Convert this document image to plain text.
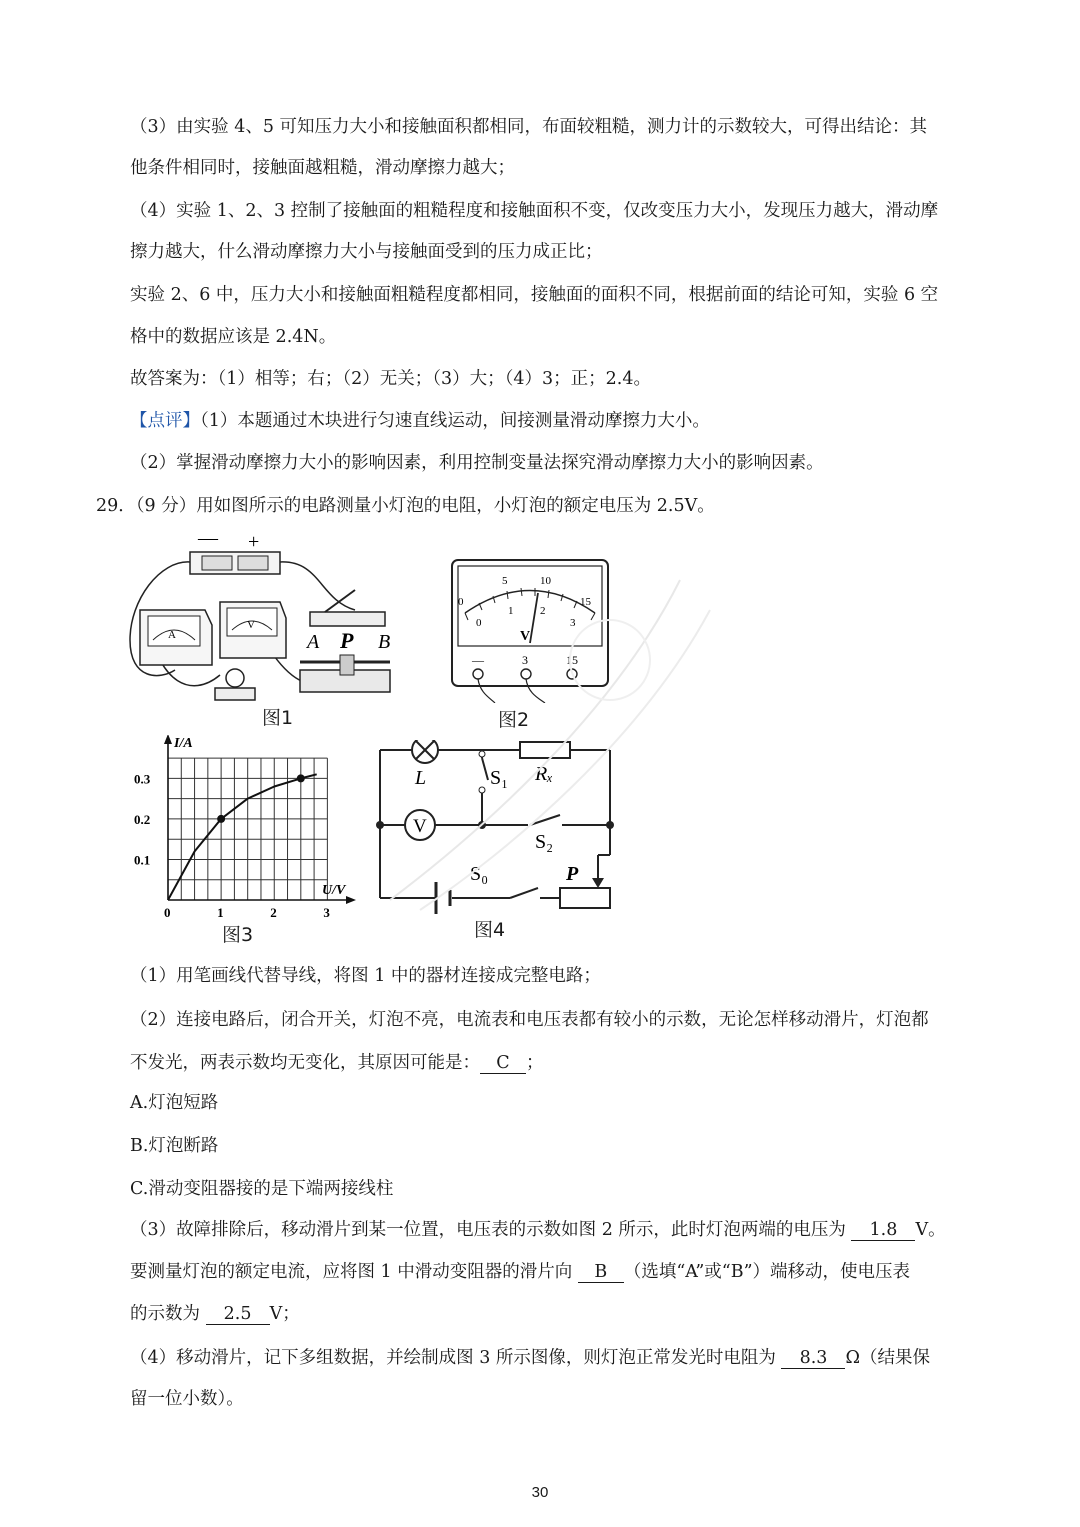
（3）由实验 4、5 可知压力大小和接触面积都相同，布面较粗糙，测力计的示数较大，可得出结论：其
他条件相同时，接触面越粗糙，滑动摩擦力越大；
（4）实验 1、2、3 控制了接触面的粗糙程度和接触面积不变，仅改变压力大小，发现压力越大，滑动摩
擦力越大，什么滑动摩擦力大小与接触面受到的压力成正比；
实验 2、6 中，压力大小和接触面粗糙程度都相同，接触面的面积不同，根据前面的结论可知，实验 6 空
格中的数据应该是 2.4N。
故答案为：（1）相等；右；（2）无关；（3）大；（4）3；正；2.4。
【点评】（1）本题通过木块进行匀速直线运动，间接测量滑动摩擦力大小。
（2）掌握滑动摩擦力大小的影响因素，利用控制变量法探究滑动摩擦力大小的影响因素。
29．（9 分）用如图所示的电路测量小灯泡的电阻，小灯泡的额定电压为 2.5V。
— +
A
V
A P B
图1
0
5	10
15
0
1 2
3
V
—	3	15
图2
0	1	2	3
0.1
0.2
0.3
U/V
I/A
图3
V
L	S₁ Rₓ
S₂
S₀	P
图4
（1）用笔画线代替导线，将图 1 中的器材连接成完整电路；
（2）连接电路后，闭合开关，灯泡不亮，电流表和电压表都有较小的示数，无论怎样移动滑片，灯泡都
不发光，两表示数均无变化，其原因可能是： C ；
A.灯泡短路
B.灯泡断路
C.滑动变阻器接的是下端两接线柱
（3）故障排除后，移动滑片到某一位置，电压表的示数如图 2 所示，此时灯泡两端的电压为 1.8 V。
要测量灯泡的额定电流，应将图 1 中滑动变阻器的滑片向 B （选填“A”或“B”）端移动，使电压表
的示数为 2.5 V；
（4）移动滑片，记下多组数据，并绘制成图 3 所示图像，则灯泡正常发光时电阻为 8.3 Ω（结果保
留一位小数）。
30
